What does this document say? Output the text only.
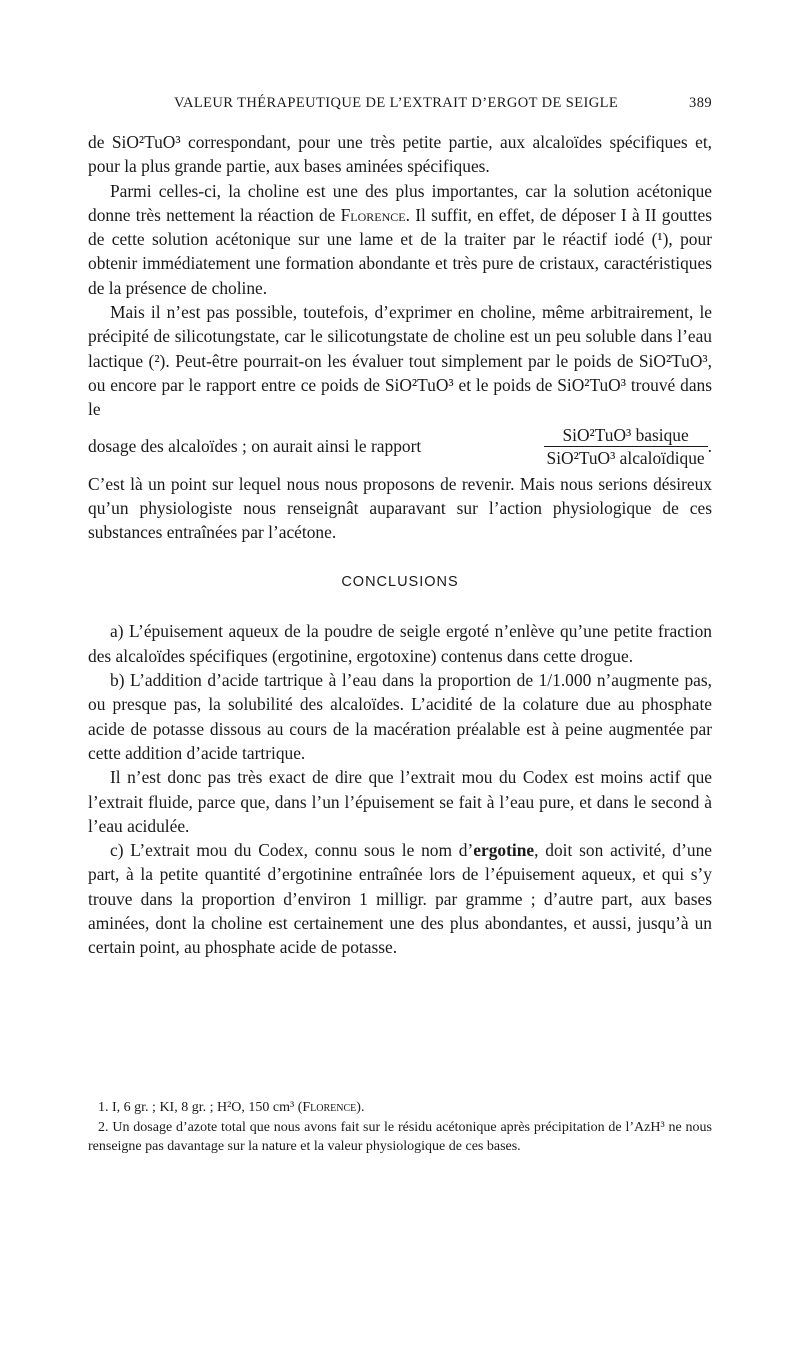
VALEUR THÉRAPEUTIQUE DE L’EXTRAIT D’ERGOT DE SEIGLE	389

de SiO²TuO³ correspondant, pour une très petite partie, aux alcaloïdes spécifiques et, pour la plus grande partie, aux bases aminées spécifiques.

Parmi celles-ci, la choline est une des plus importantes, car la solution acétonique donne très nettement la réaction de Florence. Il suffit, en effet, de déposer I à II gouttes de cette solution acétonique sur une lame et de la traiter par le réactif iodé (¹), pour obtenir immédiatement une formation abondante et très pure de cristaux, caractéristiques de la présence de choline.

Mais il n’est pas possible, toutefois, d’exprimer en choline, même arbitrairement, le précipité de silicotungstate, car le silicotungstate de choline est un peu soluble dans l’eau lactique (²). Peut-être pourrait-on les évaluer tout simplement par le poids de SiO²TuO³, ou encore par le rapport entre ce poids de SiO²TuO³ et le poids de SiO²TuO³ trouvé dans le

dosage des alcaloïdes ; on aurait ainsi le rapport	$\frac{\text{SiO²TuO³ basique}}{\text{SiO²TuO³ alcaloïdique}}$ .

C’est là un point sur lequel nous nous proposons de revenir. Mais nous serions désireux qu’un physiologiste nous renseignât auparavant sur l’action physiologique de ces substances entraînées par l’acétone.

CONCLUSIONS

a) L’épuisement aqueux de la poudre de seigle ergoté n’enlève qu’une petite fraction des alcaloïdes spécifiques (ergotinine, ergotoxine) contenus dans cette drogue.

b) L’addition d’acide tartrique à l’eau dans la proportion de 1/1.000 n’augmente pas, ou presque pas, la solubilité des alcaloïdes. L’acidité de la colature due au phosphate acide de potasse dissous au cours de la macération préalable est à peine augmentée par cette addition d’acide tartrique.

Il n’est donc pas très exact de dire que l’extrait mou du Codex est moins actif que l’extrait fluide, parce que, dans l’un l’épuisement se fait à l’eau pure, et dans le second à l’eau acidulée.

c) L’extrait mou du Codex, connu sous le nom d’ergotine, doit son activité, d’une part, à la petite quantité d’ergotinine entraînée lors de l’épuisement aqueux, et qui s’y trouve dans la proportion d’environ 1 milligr. par gramme ; d’autre part, aux bases aminées, dont la choline est certainement une des plus abondantes, et aussi, jusqu’à un certain point, au phosphate acide de potasse.

1. I, 6 gr. ; KI, 8 gr. ; H²O, 150 cm³ (Florence).

2. Un dosage d’azote total que nous avons fait sur le résidu acétonique après précipitation de l’AzH³ ne nous renseigne pas davantage sur la nature et la valeur physiologique de ces bases.
